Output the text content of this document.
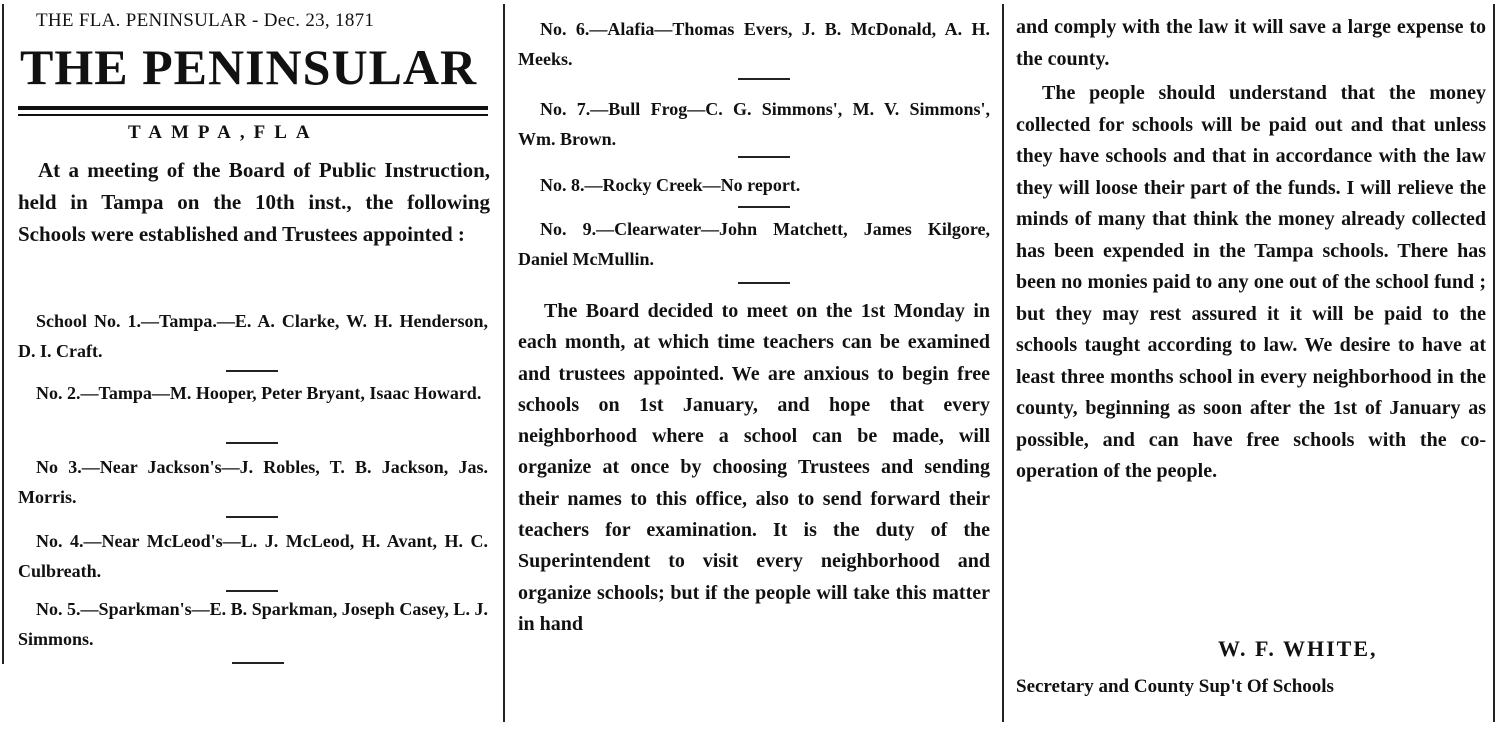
THE FLA. PENINSULAR - Dec. 23, 1871
THE PENINSULAR
TAMPA,FLA

At a meeting of the Board of Public Instruction, held in Tampa on the 10th inst., the following Schools were established and Trustees appointed :

School No. 1.—Tampa.—E. A. Clarke, W. H. Henderson, D. I. Craft.

No. 2.—Tampa—M. Hooper, Peter Bryant, Isaac Howard.

No 3.—Near Jackson's—J. Robles, T. B. Jackson, Jas. Morris.

No. 4.—Near McLeod's—L. J. McLeod, H. Avant, H. C. Culbreath.

No. 5.—Sparkman's—E. B. Sparkman, Joseph Casey, L. J. Simmons.

No. 6.—Alafia—Thomas Evers, J. B. McDonald, A. H. Meeks.

No. 7.—Bull Frog—C. G. Simmons', M. V. Simmons', Wm. Brown.

No. 8.—Rocky Creek—No report.

No. 9.—Clearwater—John Matchett, James Kilgore, Daniel McMullin.

The Board decided to meet on the 1st Monday in each month, at which time teachers can be examined and trustees appointed. We are anxious to begin free schools on 1st January, and hope that every neighborhood where a school can be made, will organize at once by choosing Trustees and sending their names to this office, also to send forward their teachers for examination. It is the duty of the Superintendent to visit every neighborhood and organize schools; but if the people will take this matter in hand

and comply with the law it will save a large expense to the county.

The people should understand that the money collected for schools will be paid out and that unless they have schools and that in accordance with the law they will loose their part of the funds. I will relieve the minds of many that think the money already collected has been expended in the Tampa schools. There has been no monies paid to any one out of the school fund ; but they may rest assured it it will be paid to the schools taught according to law. We desire to have at least three months school in every neighborhood in the county, beginning as soon after the 1st of January as possible, and can have free schools with the co-operation of the people.

W. F. WHITE,
Secretary and County Sup't Of Schools
